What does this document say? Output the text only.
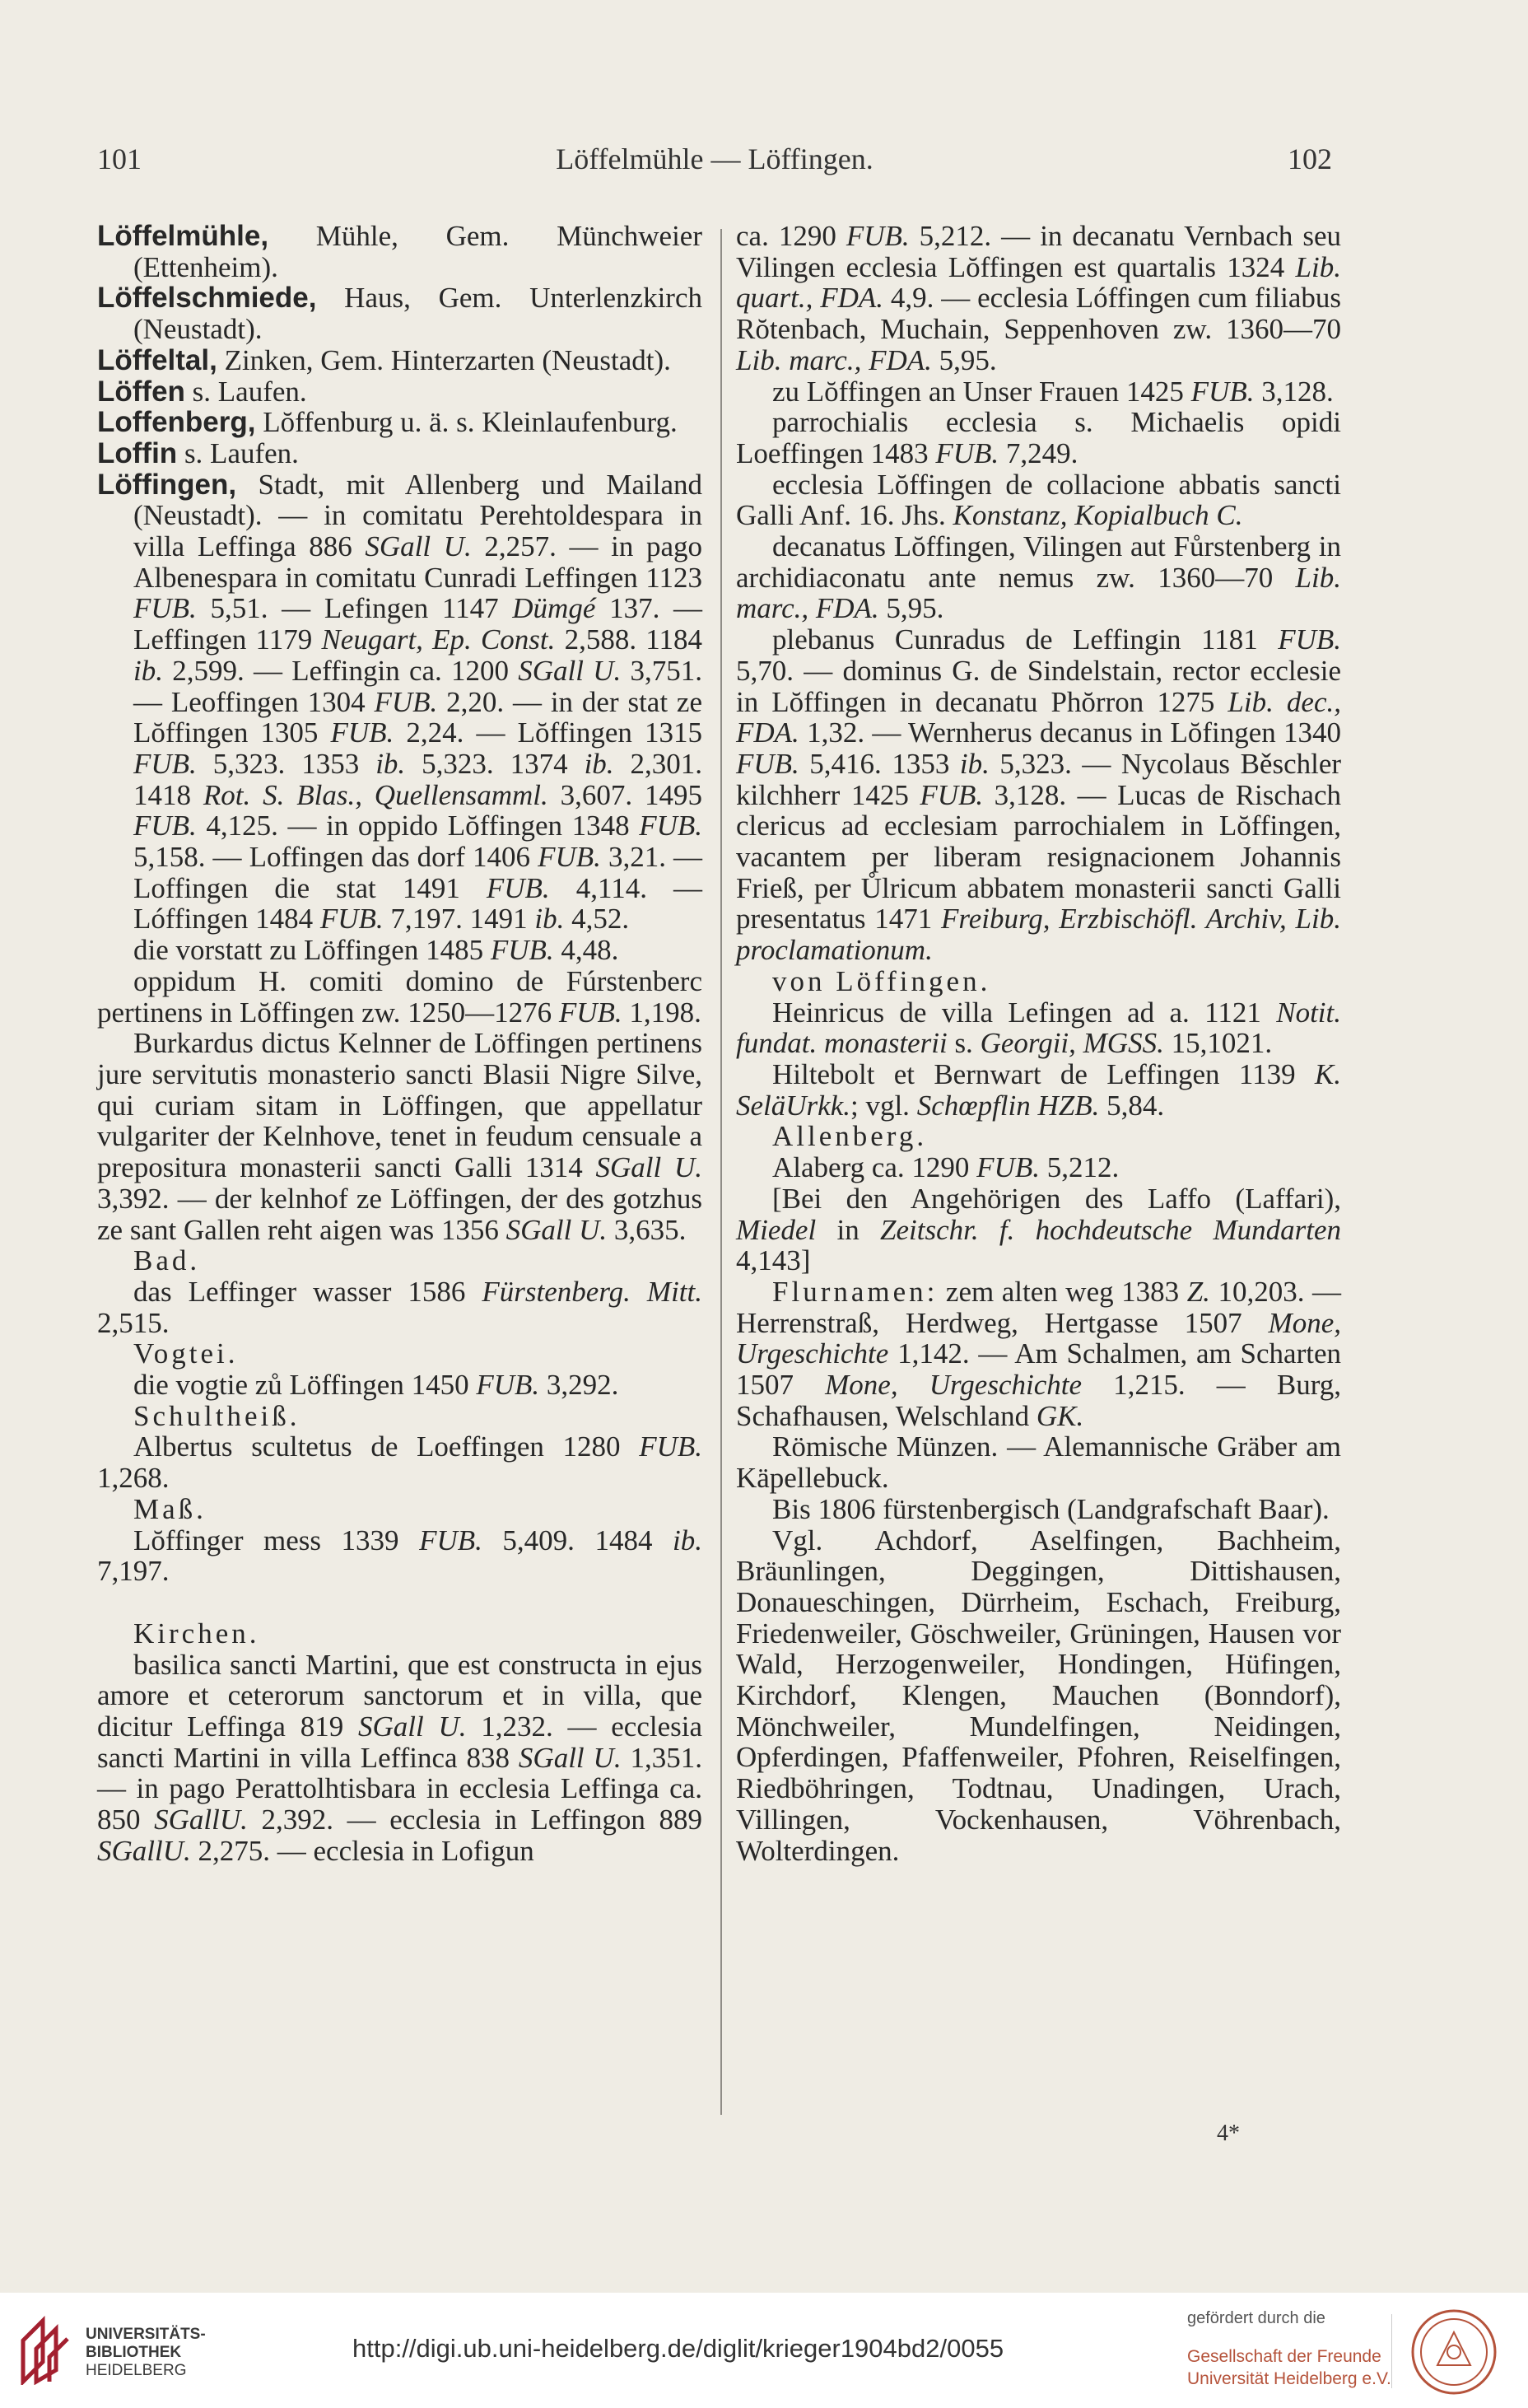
101	Löffelmühle — Löffingen.	102

Löffelmühle, Mühle, Gem. Münchweier (Ettenheim).

Löffelschmiede, Haus, Gem. Unterlenzkirch (Neustadt).

Löffeltal, Zinken, Gem. Hinterzarten (Neustadt).

Löffen s. Laufen.

Loffenberg, Lŏffenburg u. ä. s. Kleinlaufenburg.

Loffin s. Laufen.

Löffingen, Stadt, mit Allenberg und Mailand (Neustadt). — in comitatu Perehtoldespara in villa Leffinga 886 SGall U. 2,257. — in pago Albenespara in comitatu Cunradi Leffingen 1123 FUB. 5,51. — Lefingen 1147 Dümgé 137. — Leffingen 1179 Neugart, Ep. Const. 2,588. 1184 ib. 2,599. — Leffingin ca. 1200 SGall U. 3,751. — Leoffingen 1304 FUB. 2,20. — in der stat ze Lŏffingen 1305 FUB. 2,24. — Lŏffingen 1315 FUB. 5,323. 1353 ib. 5,323. 1374 ib. 2,301. 1418 Rot. S. Blas., Quellensamml. 3,607. 1495 FUB. 4,125. — in oppido Lŏffingen 1348 FUB. 5,158. — Loffingen das dorf 1406 FUB. 3,21. — Loffingen die stat 1491 FUB. 4,114. — Lóffingen 1484 FUB. 7,197. 1491 ib. 4,52.

die vorstatt zu Löffingen 1485 FUB. 4,48.

oppidum H. comiti domino de Fúrstenberc pertinens in Lŏffingen zw. 1250—1276 FUB. 1,198.

Burkardus dictus Kelnner de Löffingen pertinens jure servitutis monasterio sancti Blasii Nigre Silve, qui curiam sitam in Löffingen, que appellatur vulgariter der Kelnhove, tenet in feudum censuale a prepositura monasterii sancti Galli 1314 SGall U. 3,392. — der kelnhof ze Löffingen, der des gotzhus ze sant Gallen reht aigen was 1356 SGall U. 3,635.

Bad.

das Leffinger wasser 1586 Fürstenberg. Mitt. 2,515.

Vogtei.

die vogtie zů Löffingen 1450 FUB. 3,292.

Schultheiß.

Albertus scultetus de Loeffingen 1280 FUB. 1,268.

Maß.

Lŏffinger mess 1339 FUB. 5,409. 1484 ib. 7,197.

Kirchen.

basilica sancti Martini, que est constructa in ejus amore et ceterorum sanctorum et in villa, que dicitur Leffinga 819 SGall U. 1,232. — ecclesia sancti Martini in villa Leffinca 838 SGall U. 1,351. — in pago Perattolhtisbara in ecclesia Leffinga ca. 850 SGallU. 2,392. — ecclesia in Leffingon 889 SGallU. 2,275. — ecclesia in Lofigun

ca. 1290 FUB. 5,212. — in decanatu Vernbach seu Vilingen ecclesia Lŏffingen est quartalis 1324 Lib. quart., FDA. 4,9. — ecclesia Lóffingen cum filiabus Rŏtenbach, Muchain, Seppenhoven zw. 1360—70 Lib. marc., FDA. 5,95.

zu Lŏffingen an Unser Frauen 1425 FUB. 3,128.

parrochialis ecclesia s. Michaelis opidi Loeffingen 1483 FUB. 7,249.

ecclesia Lŏffingen de collacione abbatis sancti Galli Anf. 16. Jhs. Konstanz, Kopialbuch C.

decanatus Lŏffingen, Vilingen aut Fůrstenberg in archidiaconatu ante nemus zw. 1360—70 Lib. marc., FDA. 5,95.

plebanus Cunradus de Leffingin 1181 FUB. 5,70. — dominus G. de Sindelstain, rector ecclesie in Lŏffingen in decanatu Phŏrron 1275 Lib. dec., FDA. 1,32. — Wernherus decanus in Lŏfingen 1340 FUB. 5,416. 1353 ib. 5,323. — Nycolaus Běschler kilchherr 1425 FUB. 3,128. — Lucas de Rischach clericus ad ecclesiam parrochialem in Lŏffingen, vacantem per liberam resignacionem Johannis Frieß, per Ůlricum abbatem monasterii sancti Galli presentatus 1471 Freiburg, Erzbischöfl. Archiv, Lib. proclamationum.

von Löffingen.

Heinricus de villa Lefingen ad a. 1121 Notit. fundat. monasterii s. Georgii, MGSS. 15,1021.

Hiltebolt et Bernwart de Leffingen 1139 K. SeläUrkk.; vgl. Schœpflin HZB. 5,84.

Allenberg.

Alaberg ca. 1290 FUB. 5,212.

[Bei den Angehörigen des Laffo (Laffari), Miedel in Zeitschr. f. hochdeutsche Mundarten 4,143]

Flurnamen: zem alten weg 1383 Z. 10,203. — Herrenstraß, Herdweg, Hertgasse 1507 Mone, Urgeschichte 1,142. — Am Schalmen, am Scharten 1507 Mone, Urgeschichte 1,215. — Burg, Schafhausen, Welschland GK.

Römische Münzen. — Alemannische Gräber am Käpellebuck.

Bis 1806 fürstenbergisch (Landgrafschaft Baar).

Vgl. Achdorf, Aselfingen, Bachheim, Bräunlingen, Deggingen, Dittishausen, Donaueschingen, Dürrheim, Eschach, Freiburg, Friedenweiler, Göschweiler, Grüningen, Hausen vor Wald, Herzogenweiler, Hondingen, Hüfingen, Kirchdorf, Klengen, Mauchen (Bonndorf), Mönchweiler, Mundelfingen, Neidingen, Opferdingen, Pfaffenweiler, Pfohren, Reiselfingen, Riedböhringen, Todtnau, Unadingen, Urach, Villingen, Vockenhausen, Vöhrenbach, Wolterdingen.

4*
UNIVERSITÄTS-
BIBLIOTHEK
HEIDELBERG
http://digi.ub.uni-heidelberg.de/diglit/krieger1904bd2/0055
gefördert durch die
Gesellschaft der Freunde
Universität Heidelberg e.V.
